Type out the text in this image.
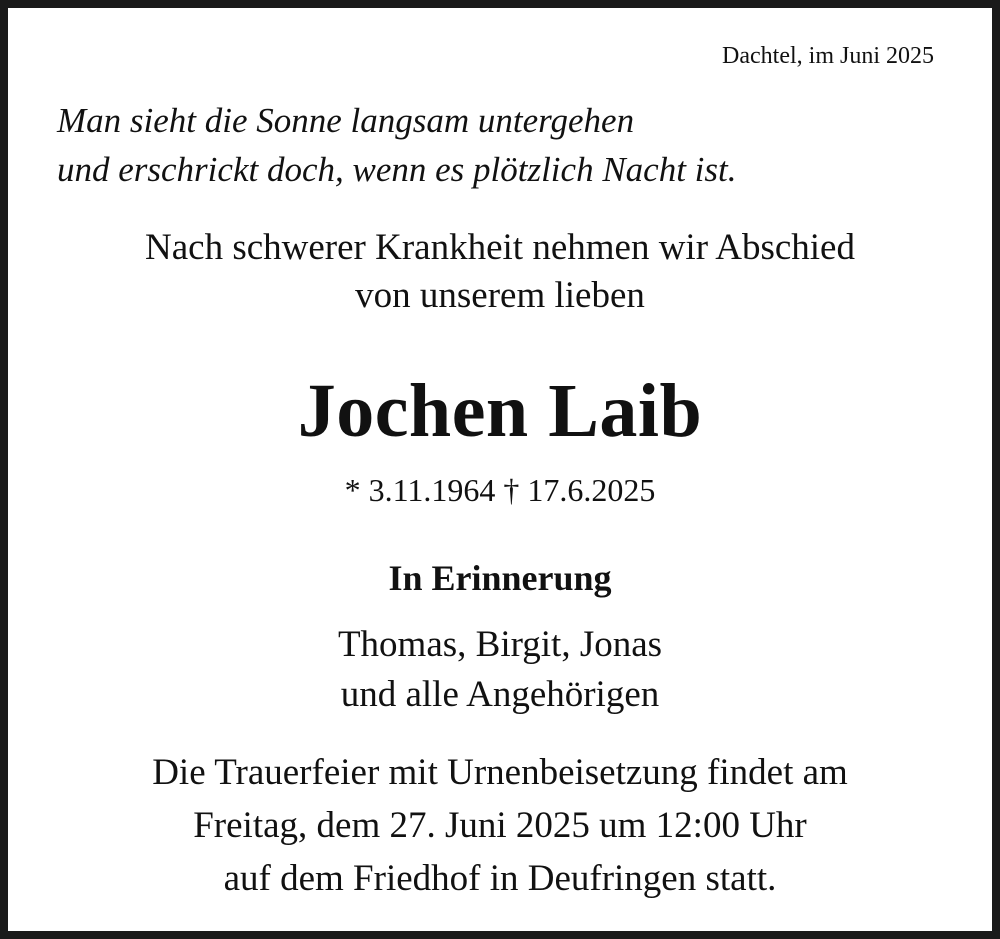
Dachtel, im Juni 2025
Man sieht die Sonne langsam untergehen
und erschrickt doch, wenn es plötzlich Nacht ist.
Nach schwerer Krankheit nehmen wir Abschied
von unserem lieben
Jochen Laib
* 3.11.1964 † 17.6.2025
In Erinnerung
Thomas, Birgit, Jonas
und alle Angehörigen
Die Trauerfeier mit Urnenbeisetzung findet am
Freitag, dem 27. Juni 2025 um 12:00 Uhr
auf dem Friedhof in Deufringen statt.
